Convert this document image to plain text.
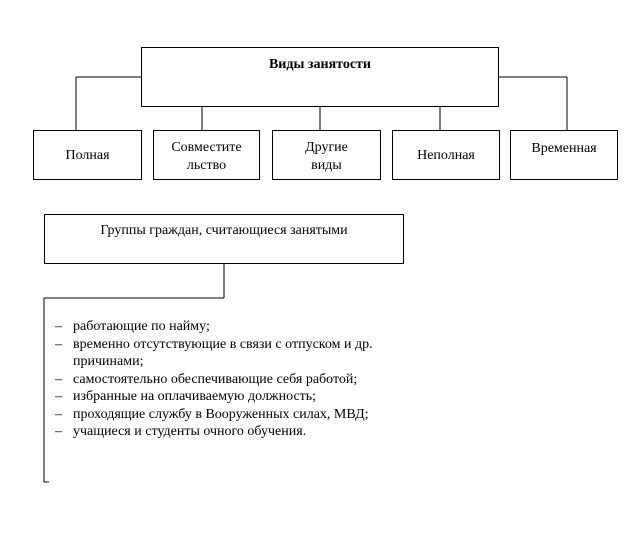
Виды занятости
Полная
Совместите
льство
Другие
виды
Неполная	Временная
Группы граждан, считающиеся занятыми
– работающие по найму;
– временно отсутствующие в связи с отпуском и др. причинами;
– самостоятельно обеспечивающие себя работой;
– избранные на оплачиваемую должность;
– проходящие службу в Вооруженных силах, МВД;
– учащиеся и студенты очного обучения.
